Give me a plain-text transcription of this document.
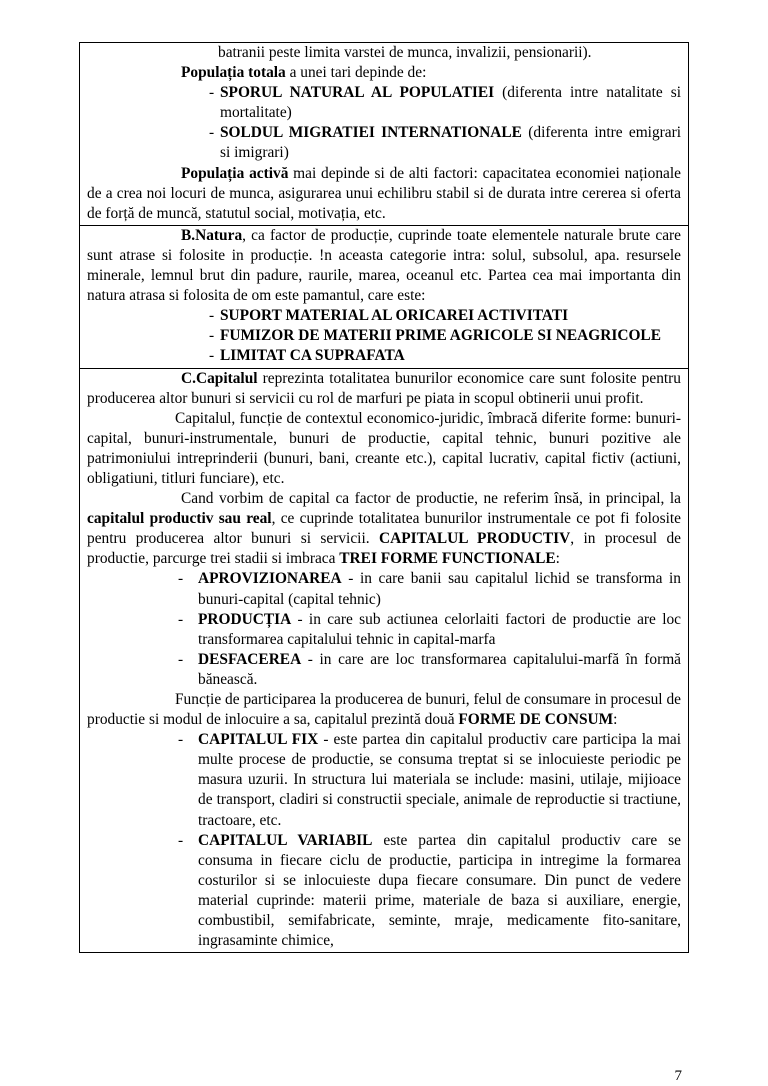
batranii peste limita varstei de munca, invalizii, pensionarii).

Populația totala a unei tari depinde de:

- SPORUL NATURAL AL POPULATIEI (diferenta intre natalitate si mortalitate)
- SOLDUL MIGRATIEI INTERNATIONALE (diferenta intre emigrari si imigrari)

Populația activă mai depinde si de alti factori: capacitatea economiei naționale de a crea noi locuri de munca, asigurarea unui echilibru stabil si de durata intre cererea si oferta de forță de muncă, statutul social, motivația, etc.

B.Natura, ca factor de producție, cuprinde toate elementele naturale brute care sunt atrase si folosite in producție. !n aceasta categorie intra: solul, subsolul, apa. resursele minerale, lemnul brut din padure, raurile, marea, oceanul etc. Partea cea mai importanta din natura atrasa si folosita de om este pamantul, care este:

- SUPORT MATERIAL AL ORICAREI ACTIVITATI
- FUMIZOR DE MATERII PRIME AGRICOLE SI NEAGRICOLE
- LIMITAT CA SUPRAFATA

C.Capitalul reprezinta totalitatea bunurilor economice care sunt folosite pentru producerea altor bunuri si servicii cu rol de marfuri pe piata in scopul obtinerii unui profit.

Capitalul, funcție de contextul economico-juridic, îmbracă diferite forme: bunuri-capital, bunuri-instrumentale, bunuri de productie, capital tehnic, bunuri pozitive ale patrimoniului intreprinderii (bunuri, bani, creante etc.), capital lucrativ, capital fictiv (actiuni, obligatiuni, titluri funciare), etc.

Cand vorbim de capital ca factor de productie, ne referim însă, in principal, la capitalul productiv sau real, ce cuprinde totalitatea bunurilor instrumentale ce pot fi folosite pentru producerea altor bunuri si servicii. CAPITALUL PRODUCTIV, in procesul de productie, parcurge trei stadii si imbraca TREI FORME FUNCTIONALE:

- APROVIZIONAREA - in care banii sau capitalul lichid se transforma in bunuri-capital (capital tehnic)
- PRODUCȚIA - in care sub actiunea celorlaiti factori de productie are loc transformarea capitalului tehnic in capital-marfa
- DESFACEREA - in care are loc transformarea capitalului-marfă în formă bănească.

Funcție de participarea la producerea de bunuri, felul de consumare in procesul de productie si modul de inlocuire a sa, capitalul prezintă două FORME DE CONSUM:

- CAPITALUL FIX - este partea din capitalul productiv care participa la mai multe procese de productie, se consuma treptat si se inlocuieste periodic pe masura uzurii. In structura lui materiala se include: masini, utilaje, mijioace de transport, cladiri si constructii speciale, animale de reproductie si tractiune, tractoare, etc.
- CAPITALUL VARIABIL este partea din capitalul productiv care se consuma in fiecare ciclu de productie, participa in intregime la formarea costurilor si se inlocuieste dupa fiecare consumare. Din punct de vedere material cuprinde: materii prime, materiale de baza si auxiliare, energie, combustibil, semifabricate, seminte, mraje, medicamente fito-sanitare, ingrasaminte chimice,
7
